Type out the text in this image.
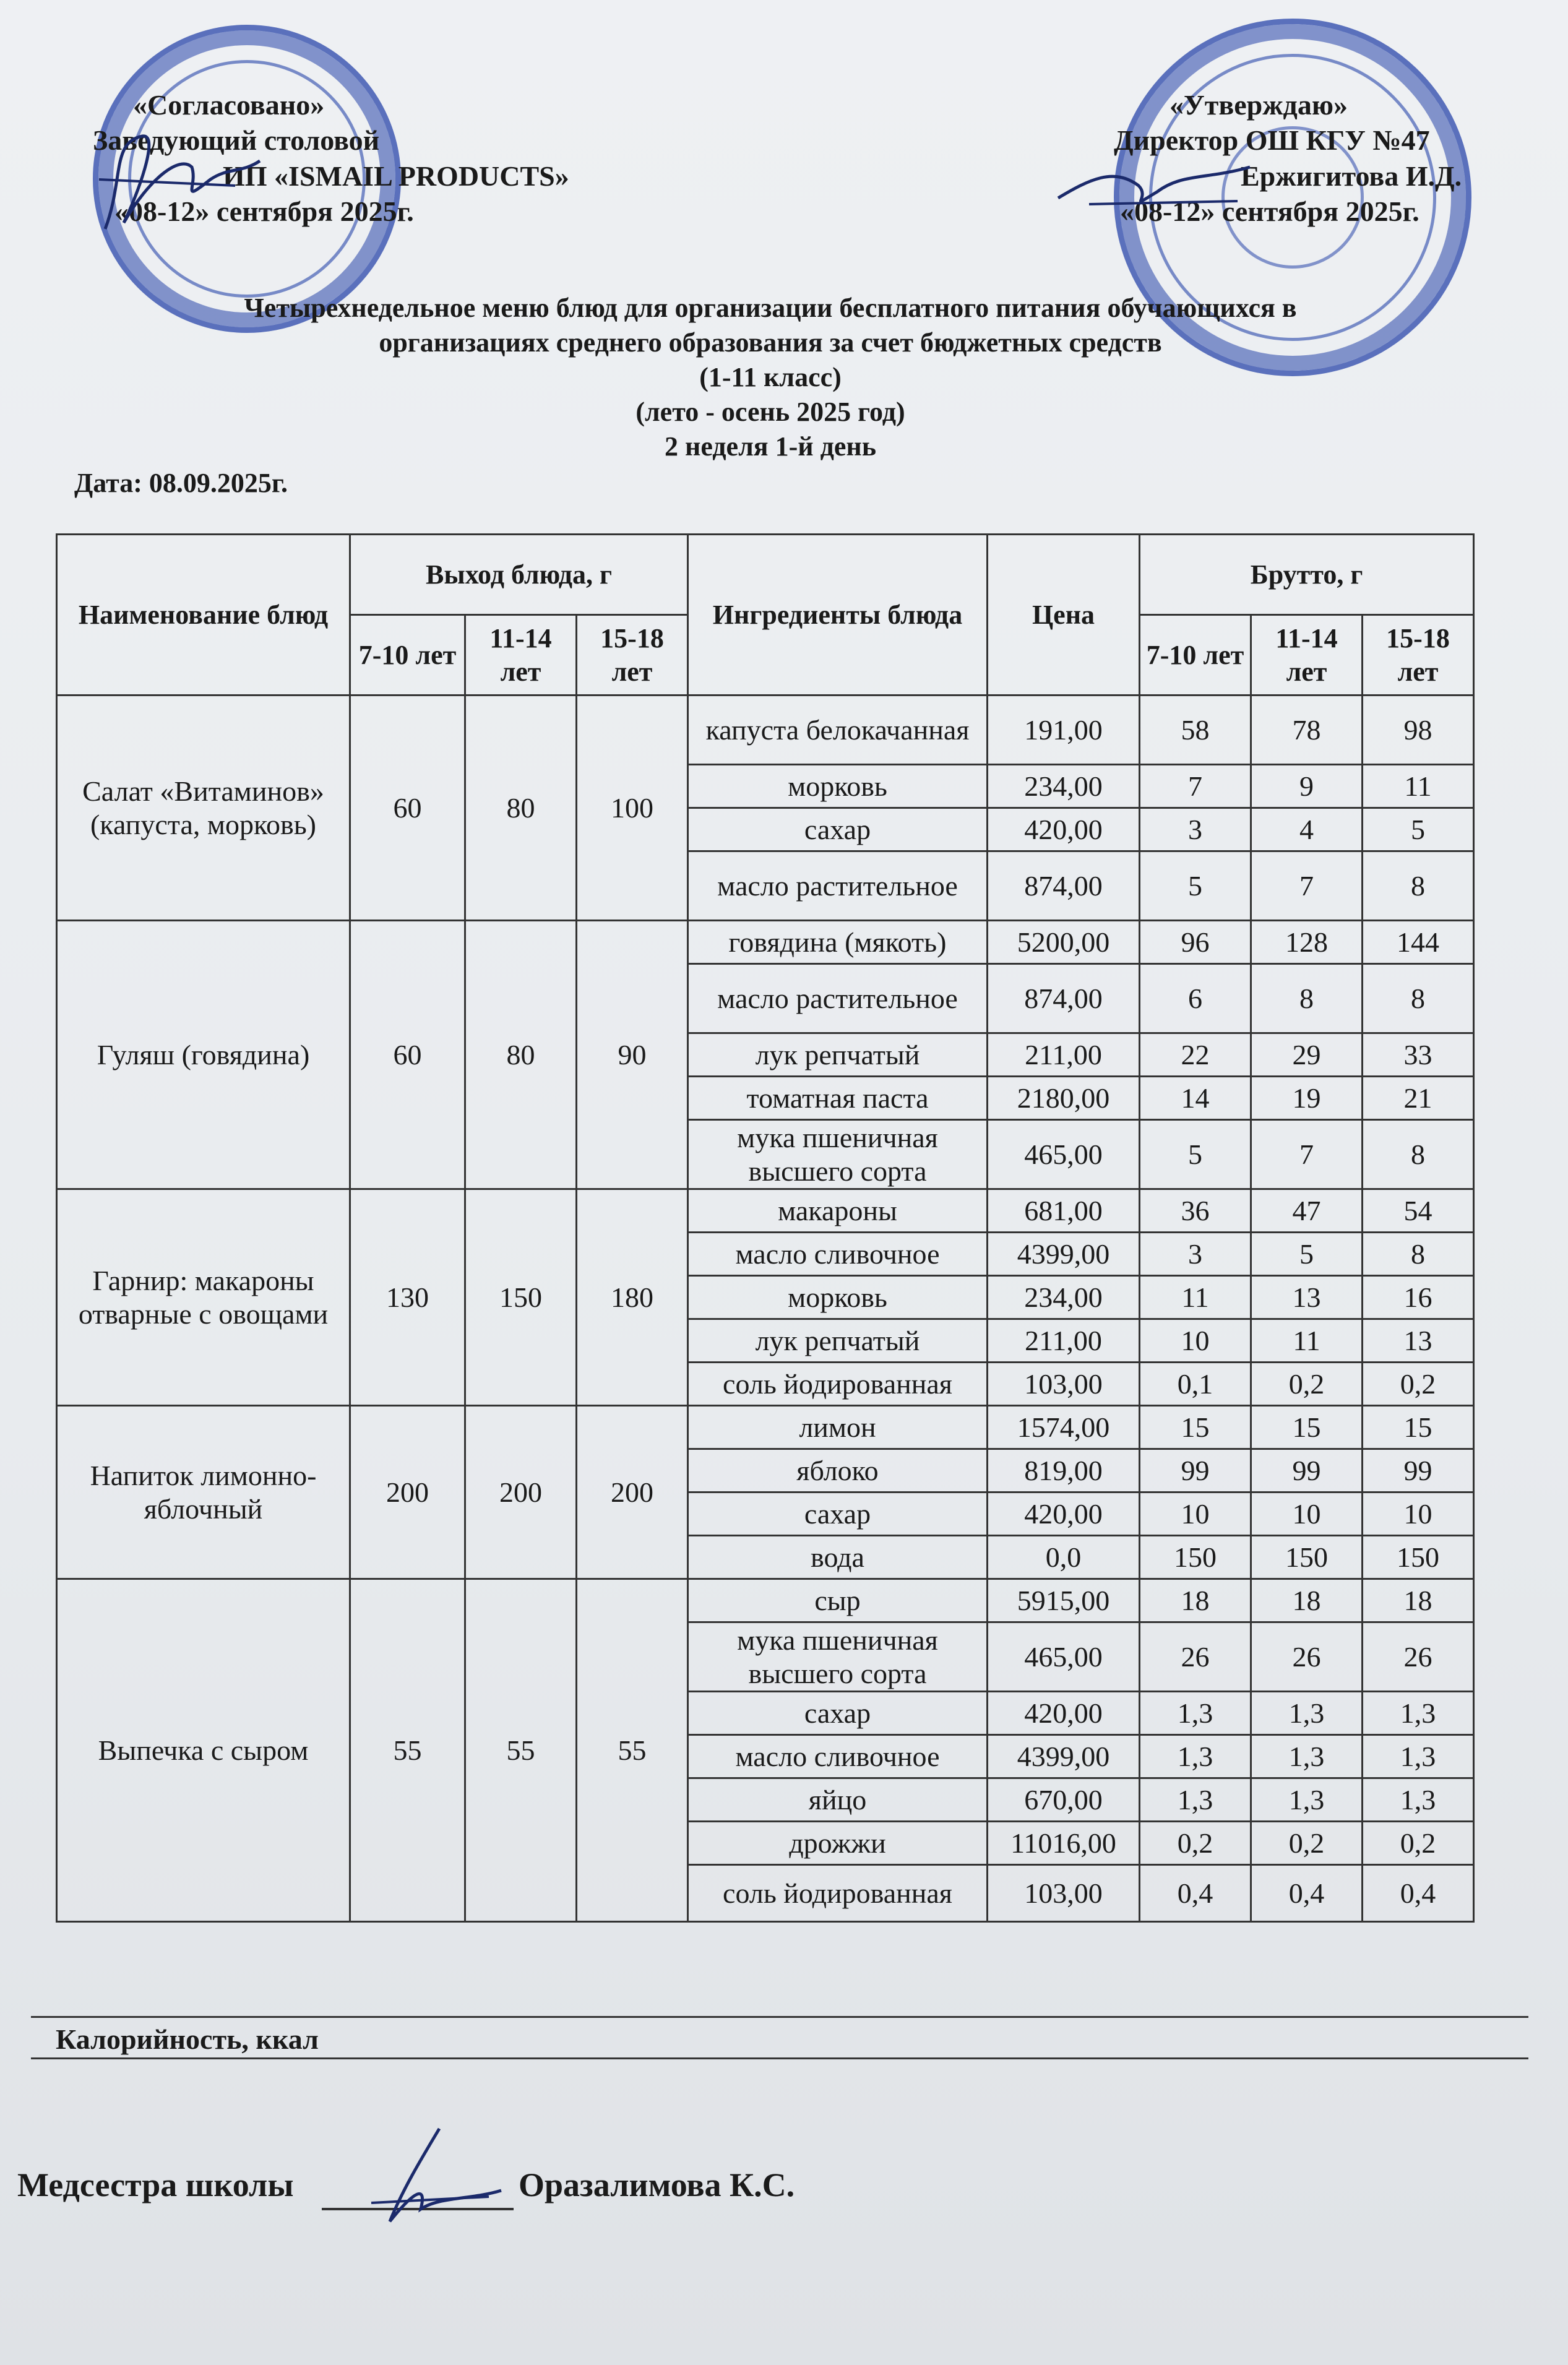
«Согласовано»
Заведующий столовой
ИП «ISMAIL PRODUCTS»
«08-12» сентября 2025г.
«Утверждаю»
Директор ОШ КГУ №47
Ержигитова И.Д.
«08-12» сентября 2025г.
Четырехнедельное меню блюд для организации бесплатного питания обучающихся в
организациях среднего образования за счет бюджетных средств
(1-11 класс)
(лето - осень 2025 год)
2 неделя 1-й день
Дата: 08.09.2025г.
Наименование блюд	Выход блюда, г			Ингредиенты блюда	Цена	Брутто, г		
	7-10 лет	11-14 лет	15-18 лет			7-10 лет	11-14 лет	15-18 лет
Салат «Витаминов» (капуста, морковь)	60	80	100	капуста белокачанная	191,00	58	78	98
				морковь	234,00	7	9	11
				сахар	420,00	3	4	5
				масло растительное	874,00	5	7	8
Гуляш (говядина)	60	80	90	говядина (мякоть)	5200,00	96	128	144
				масло растительное	874,00	6	8	8
				лук репчатый	211,00	22	29	33
				томатная паста	2180,00	14	19	21
				мука пшеничная высшего сорта	465,00	5	7	8
Гарнир: макароны отварные с овощами	130	150	180	макароны	681,00	36	47	54
				масло сливочное	4399,00	3	5	8
				морковь	234,00	11	13	16
				лук репчатый	211,00	10	11	13
				соль йодированная	103,00	0,1	0,2	0,2
Напиток лимонно-яблочный	200	200	200	лимон	1574,00	15	15	15
				яблоко	819,00	99	99	99
				сахар	420,00	10	10	10
				вода	0,0	150	150	150
Выпечка с сыром	55	55	55	сыр	5915,00	18	18	18
				мука пшеничная высшего сорта	465,00	26	26	26
				сахар	420,00	1,3	1,3	1,3
				масло сливочное	4399,00	1,3	1,3	1,3
				яйцо	670,00	1,3	1,3	1,3
				дрожжи	11016,00	0,2	0,2	0,2
				соль йодированная	103,00	0,4	0,4	0,4
Калорийность, ккал
Медсестра школы	Оразалимова К.С.
